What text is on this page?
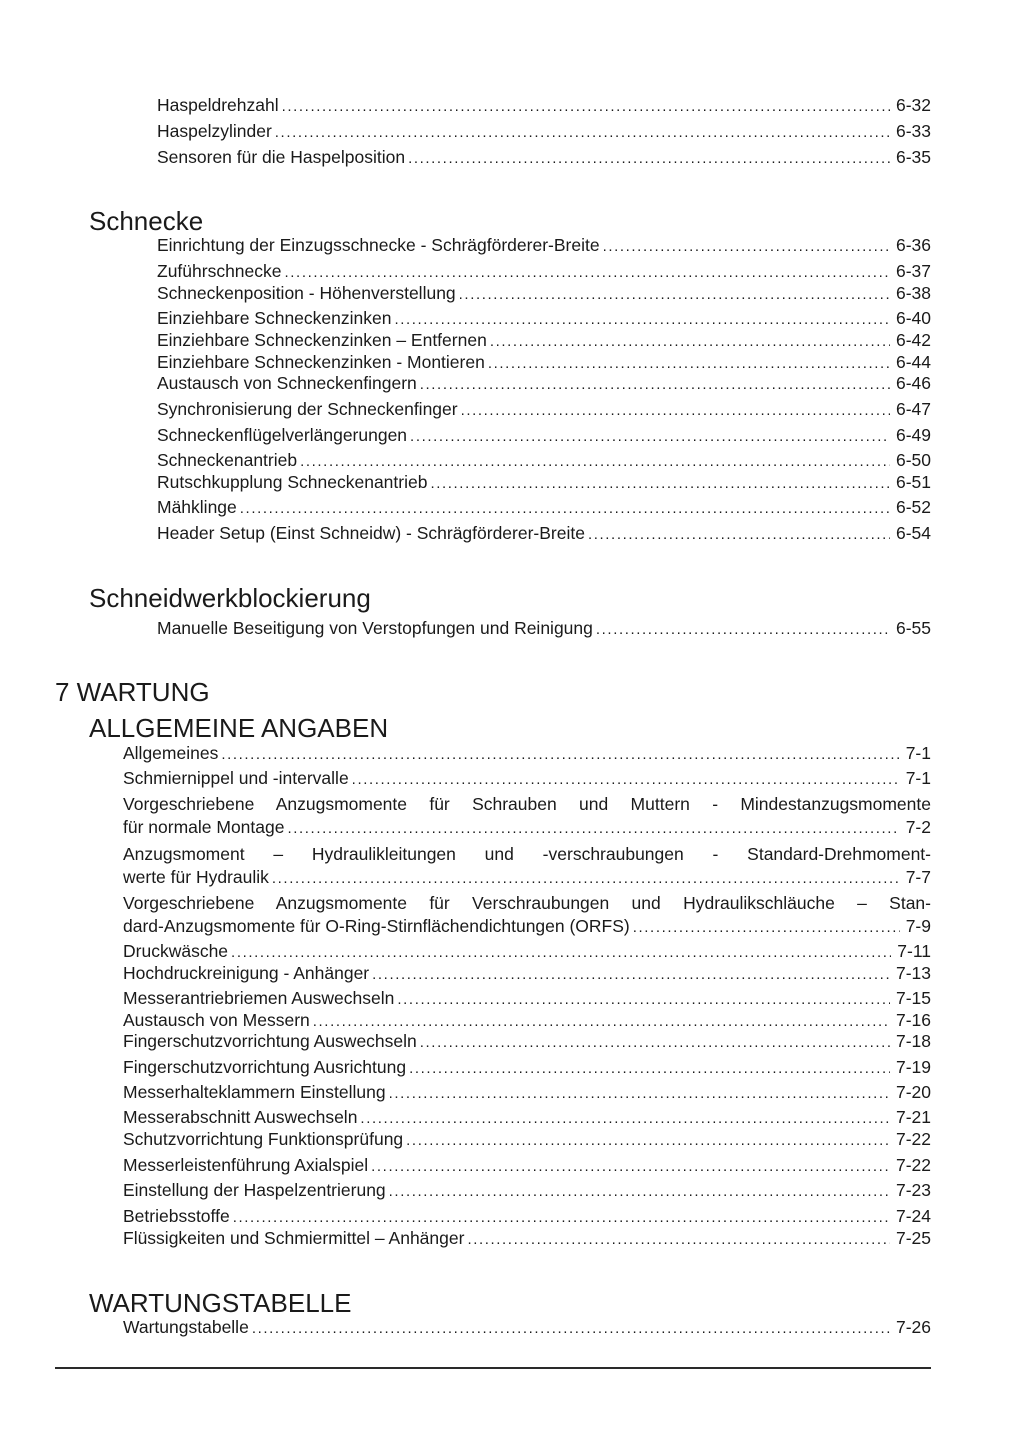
Haspeldrehzahl .....	6-32
Haspelzylinder .....	6-33
Sensoren für die Haspelposition .....	6-35
Schnecke
Einrichtung der Einzugsschnecke - Schrägförderer-Breite .....	6-36
Zuführschnecke .....	6-37
Schneckenposition - Höhenverstellung .....	6-38
Einziehbare Schneckenzinken .....	6-40
Einziehbare Schneckenzinken – Entfernen .....	6-42
Einziehbare Schneckenzinken - Montieren .....	6-44
Austausch von Schneckenfingern .....	6-46
Synchronisierung der Schneckenfinger .....	6-47
Schneckenflügelverlängerungen .....	6-49
Schneckenantrieb .....	6-50
Rutschkupplung Schneckenantrieb .....	6-51
Mähklinge .....	6-52
Header Setup (Einst Schneidw) - Schrägförderer-Breite .....	6-54
Schneidwerkblockierung
Manuelle Beseitigung von Verstopfungen und Reinigung .....	6-55
7 WARTUNG
ALLGEMEINE ANGABEN
Allgemeines .....	7-1
Schmiernippel und -intervalle .....	7-1
Vorgeschriebene Anzugsmomente für Schrauben und Muttern - Mindestanzugsmomente
für normale Montage .....	7-2
Anzugsmoment – Hydraulikleitungen und -verschraubungen - Standard-Drehmoment-
werte für Hydraulik .....	7-7
Vorgeschriebene Anzugsmomente für Verschraubungen und Hydraulikschläuche – Stan-
dard-Anzugsmomente für O-Ring-Stirnflächendichtungen (ORFS) .....	7-9
Druckwäsche .....	7-11
Hochdruckreinigung - Anhänger .....	7-13
Messerantriebriemen Auswechseln .....	7-15
Austausch von Messern .....	7-16
Fingerschutzvorrichtung Auswechseln .....	7-18
Fingerschutzvorrichtung Ausrichtung .....	7-19
Messerhalteklammern Einstellung .....	7-20
Messerabschnitt Auswechseln .....	7-21
Schutzvorrichtung Funktionsprüfung .....	7-22
Messerleistenführung Axialspiel .....	7-22
Einstellung der Haspelzentrierung .....	7-23
Betriebsstoffe .....	7-24
Flüssigkeiten und Schmiermittel – Anhänger .....	7-25
WARTUNGSTABELLE
Wartungstabelle .....	7-26
